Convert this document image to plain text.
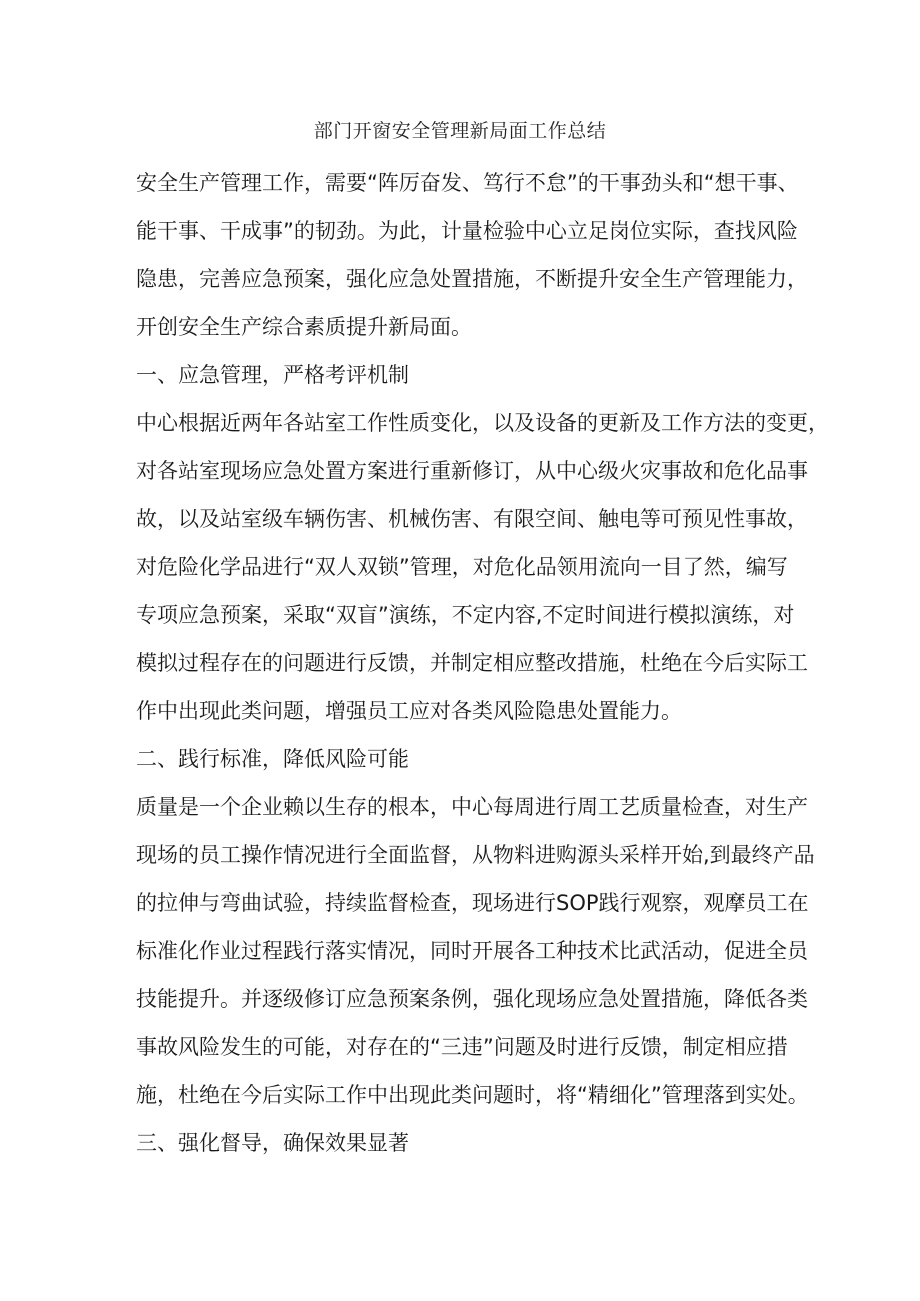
部门开窗安全管理新局面工作总结
安全生产管理工作，需要“阵厉奋发、笃行不怠”的干事劲头和“想干事、
能干事、干成事”的韧劲。为此，计量检验中心立足岗位实际，查找风险
隐患，完善应急预案，强化应急处置措施，不断提升安全生产管理能力，
开创安全生产综合素质提升新局面。
一、应急管理，严格考评机制
中心根据近两年各站室工作性质变化，以及设备的更新及工作方法的变更，
对各站室现场应急处置方案进行重新修订，从中心级火灾事故和危化品事
故，以及站室级车辆伤害、机械伤害、有限空间、触电等可预见性事故，
对危险化学品进行“双人双锁”管理，对危化品领用流向一目了然，编写
专项应急预案，采取“双盲”演练，不定内容,不定时间进行模拟演练，对
模拟过程存在的问题进行反馈，并制定相应整改措施，杜绝在今后实际工
作中出现此类问题，增强员工应对各类风险隐患处置能力。
二、践行标准，降低风险可能
质量是一个企业赖以生存的根本，中心每周进行周工艺质量检查，对生产
现场的员工操作情况进行全面监督，从物料进购源头采样开始,到最终产品
的拉伸与弯曲试验，持续监督检查，现场进行SOP践行观察，观摩员工在
标准化作业过程践行落实情况，同时开展各工种技术比武活动，促进全员
技能提升。并逐级修订应急预案条例，强化现场应急处置措施，降低各类
事故风险发生的可能，对存在的“三违”问题及时进行反馈，制定相应措
施，杜绝在今后实际工作中出现此类问题时，将“精细化”管理落到实处。
三、强化督导，确保效果显著
